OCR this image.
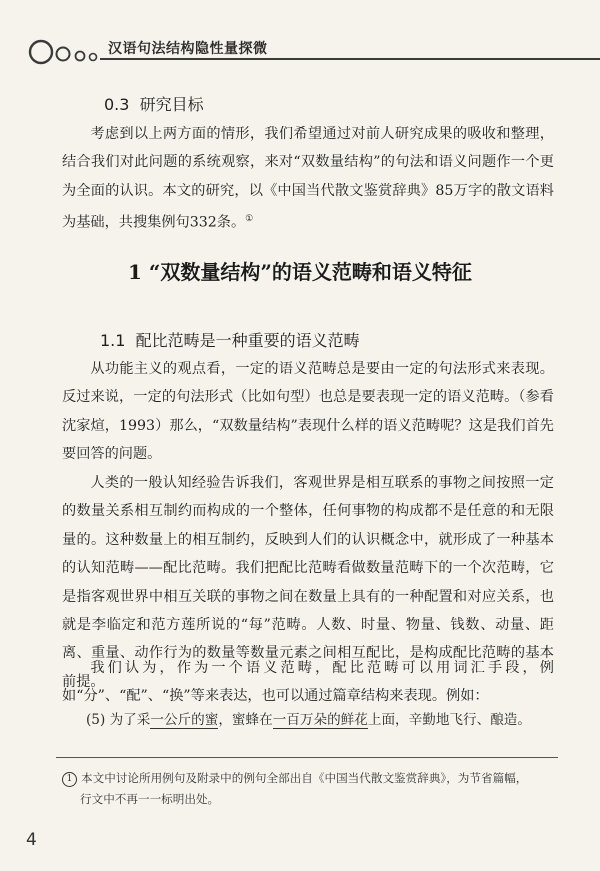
汉语句法结构隐性量探微
0.3 研究目标

考虑到以上两方面的情形，我们希望通过对前人研究成果的吸收和整理，结合我们对此问题的系统观察，来对“双数量结构”的句法和语义问题作一个更为全面的认识。本文的研究，以《中国当代散文鉴赏辞典》85万字的散文语料为基础，共搜集例句332条。①

1 “双数量结构”的语义范畴和语义特征
1.1 配比范畴是一种重要的语义范畴

从功能主义的观点看，一定的语义范畴总是要由一定的句法形式来表现。反过来说，一定的句法形式（比如句型）也总是要表现一定的语义范畴。（参看沈家煊，1993）那么，“双数量结构”表现什么样的语义范畴呢？这是我们首先要回答的问题。

人类的一般认知经验告诉我们，客观世界是相互联系的事物之间按照一定的数量关系相互制约而构成的一个整体，任何事物的构成都不是任意的和无限量的。这种数量上的相互制约，反映到人们的认识概念中，就形成了一种基本的认知范畴——配比范畴。我们把配比范畴看做数量范畴下的一个次范畴，它是指客观世界中相互关联的事物之间在数量上具有的一种配置和对应关系，也就是李临定和范方莲所说的“每”范畴。人数、时量、物量、钱数、动量、距离、重量、动作行为的数量等数量元素之间相互配比，是构成配比范畴的基本前提。

我们认为，作为一个语义范畴，配比范畴可以用词汇手段，例如“分”、“配”、“换”等来表达，也可以通过篇章结构来表现。例如：

(5) 为了采一公斤的蜜，蜜蜂在一百万朵的鲜花上面，辛勤地飞行、酿造。
1 本文中讨论所用例句及附录中的例句全部出自《中国当代散文鉴赏辞典》，为节省篇幅，
行文中不再一一标明出处。
4
